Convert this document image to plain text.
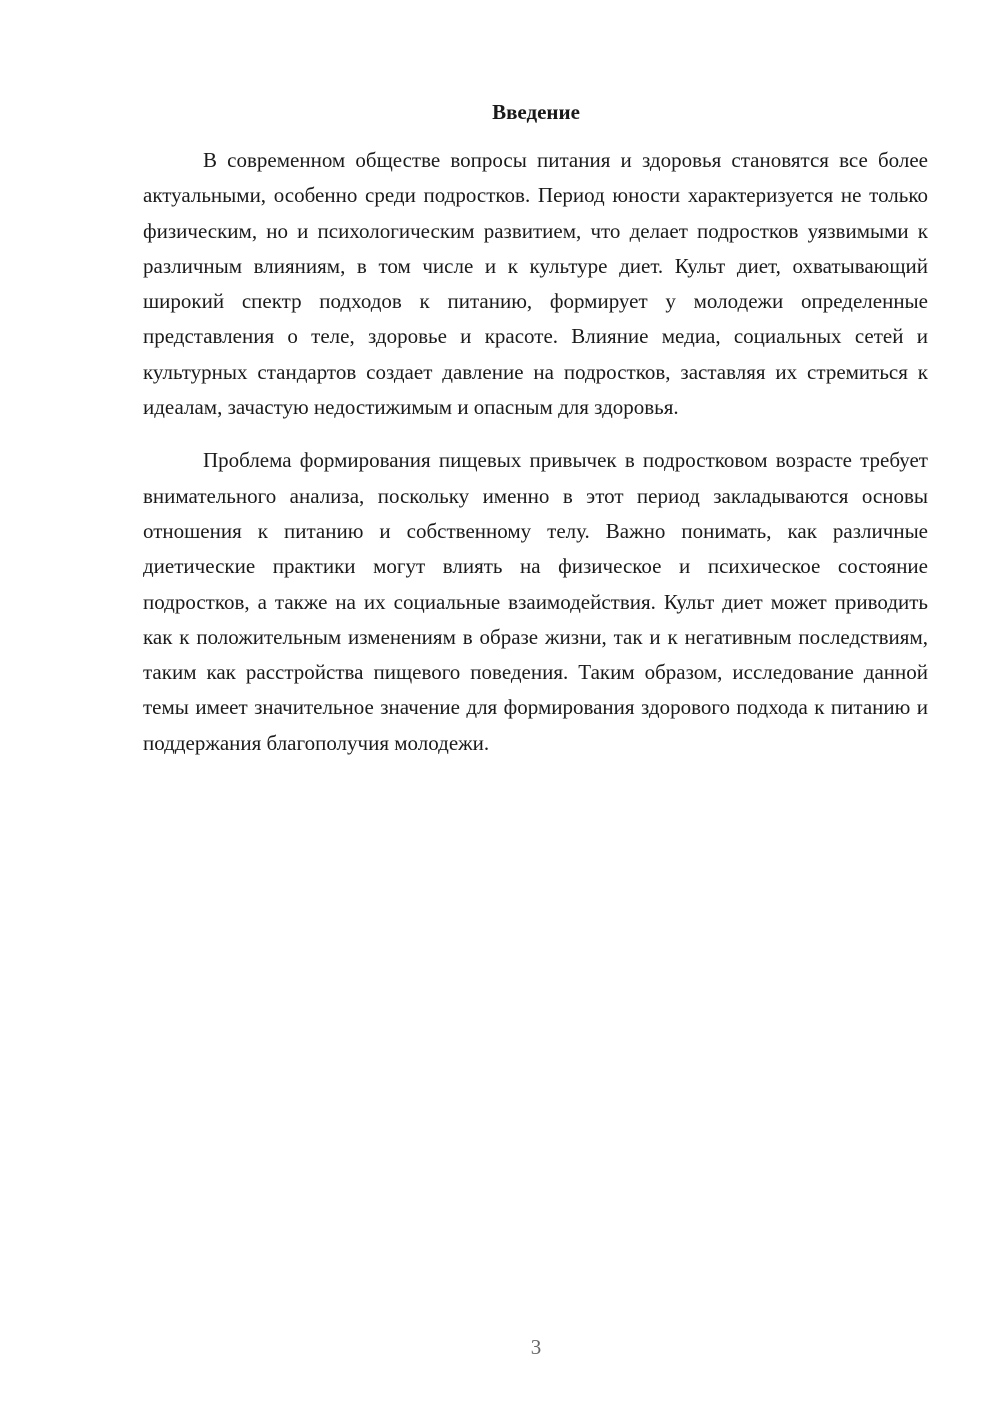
Введение

В современном обществе вопросы питания и здоровья становятся все более актуальными, особенно среди подростков. Период юности характеризуется не только физическим, но и психологическим развитием, что делает подростков уязвимыми к различным влияниям, в том числе и к культуре диет. Культ диет, охватывающий широкий спектр подходов к питанию, формирует у молодежи определенные представления о теле, здоровье и красоте. Влияние медиа, социальных сетей и культурных стандартов создает давление на подростков, заставляя их стремиться к идеалам, зачастую недостижимым и опасным для здоровья.

Проблема формирования пищевых привычек в подростковом возрасте требует внимательного анализа, поскольку именно в этот период закладываются основы отношения к питанию и собственному телу. Важно понимать, как различные диетические практики могут влиять на физическое и психическое состояние подростков, а также на их социальные взаимодействия. Культ диет может приводить как к положительным изменениям в образе жизни, так и к негативным последствиям, таким как расстройства пищевого поведения. Таким образом, исследование данной темы имеет значительное значение для формирования здорового подхода к питанию и поддержания благополучия молодежи.

3
